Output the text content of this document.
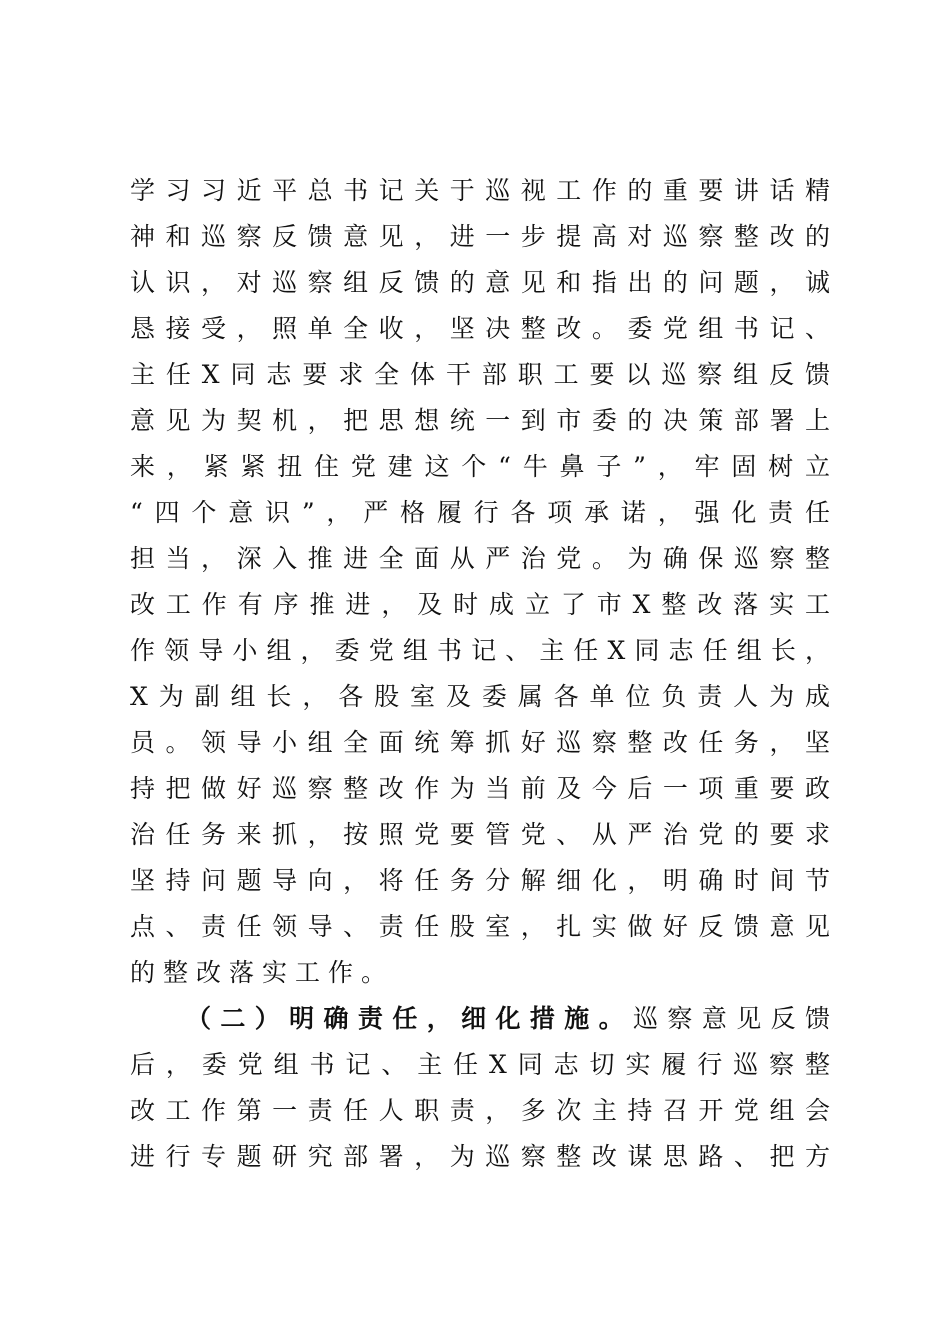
学习习近平总书记关于巡视工作的重要讲话精
神和巡察反馈意见，进一步提高对巡察整改的
认识，对巡察组反馈的意见和指出的问题，诚
恳接受，照单全收，坚决整改。委党组书记、
主任X同志要求全体干部职工要以巡察组反馈
意见为契机，把思想统一到市委的决策部署上
来，紧紧扭住党建这个“牛鼻子”，牢固树立
“四个意识”，严格履行各项承诺，强化责任
担当，深入推进全面从严治党。为确保巡察整
改工作有序推进，及时成立了市X整改落实工
作领导小组，委党组书记、主任X同志任组长，
X为副组长，各股室及委属各单位负责人为成
员。领导小组全面统筹抓好巡察整改任务，坚
持把做好巡察整改作为当前及今后一项重要政
治任务来抓，按照党要管党、从严治党的要求
坚持问题导向，将任务分解细化，明确时间节
点、责任领导、责任股室，扎实做好反馈意见
的整改落实工作。
（二）明确责任，细化措施。巡察意见反馈
后，委党组书记、主任X同志切实履行巡察整
改工作第一责任人职责，多次主持召开党组会
进行专题研究部署，为巡察整改谋思路、把方
